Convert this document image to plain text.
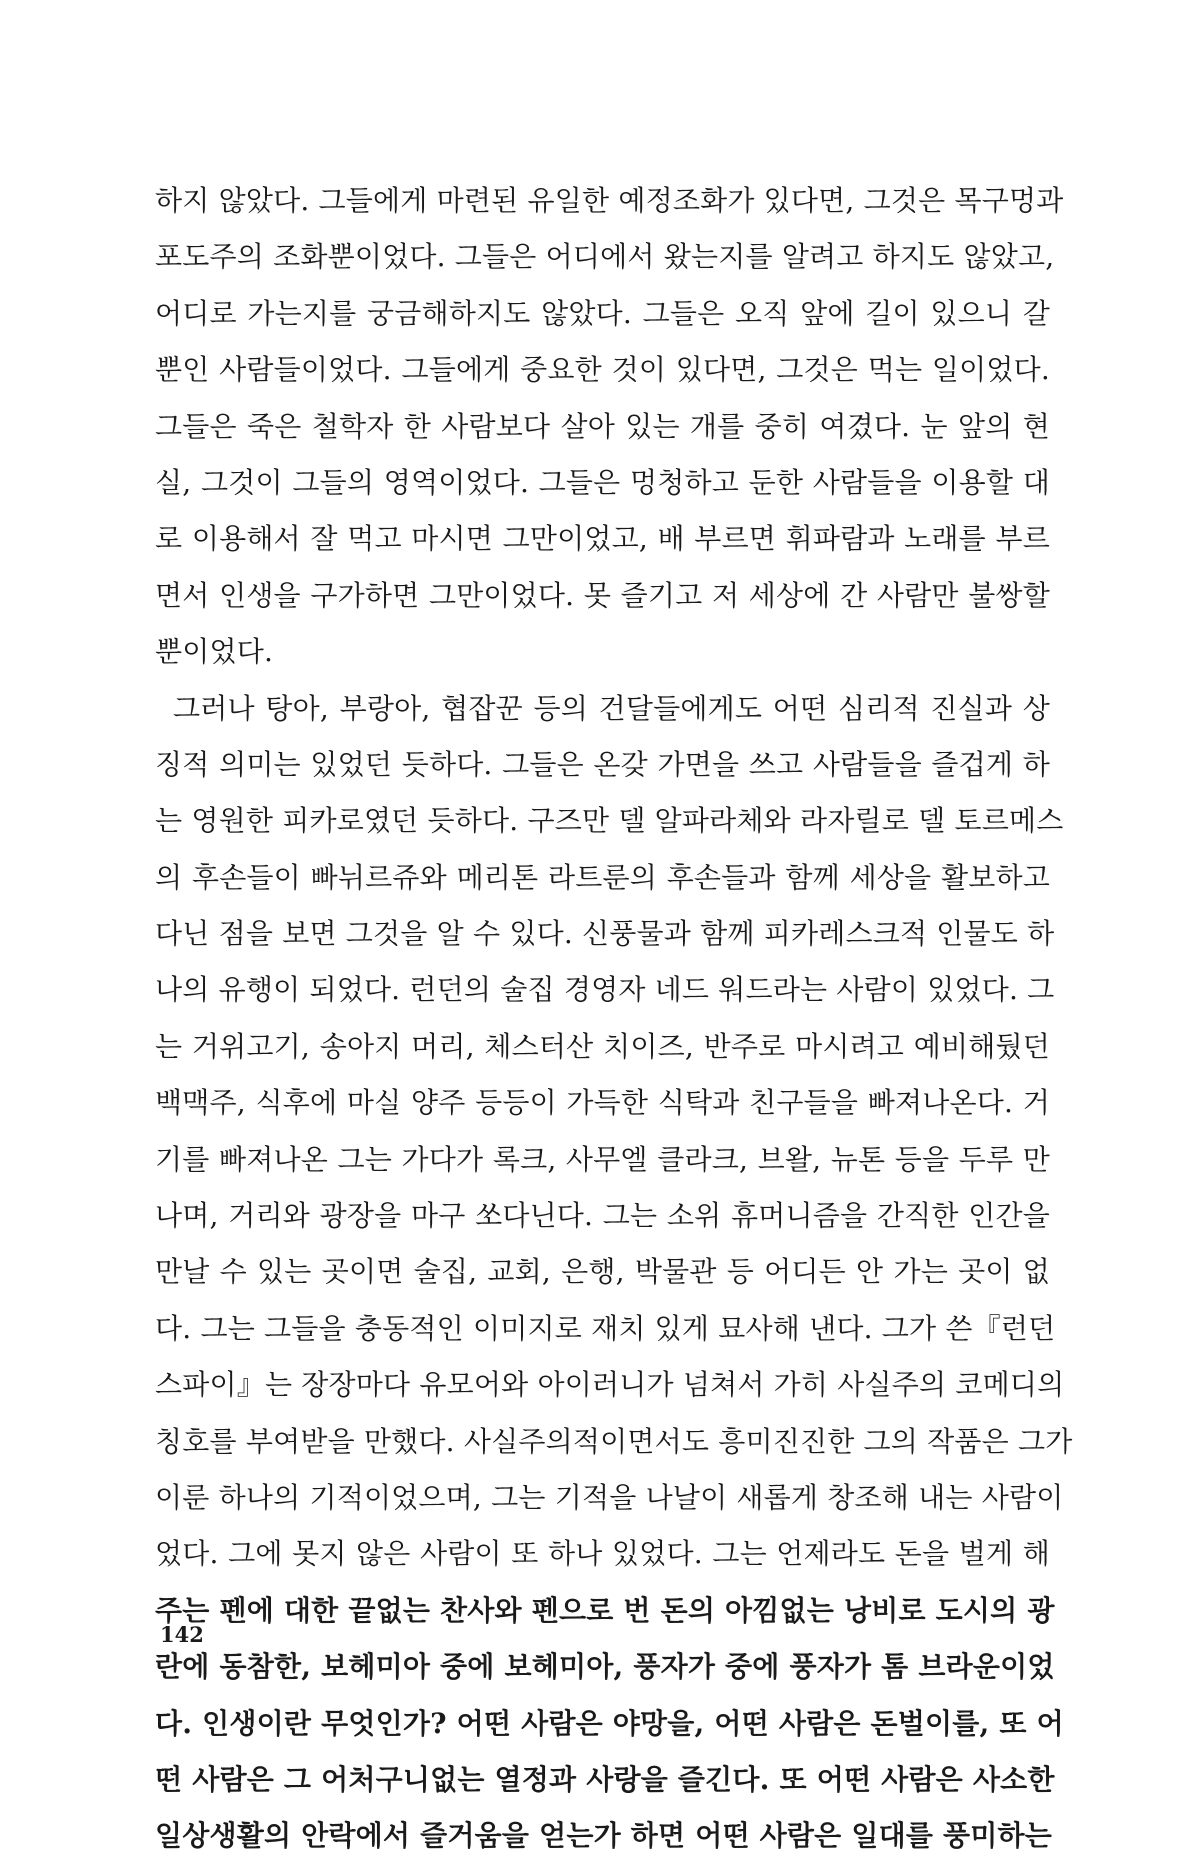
하지 않았다. 그들에게 마련된 유일한 예정조화가 있다면, 그것은 목구멍과
포도주의 조화뿐이었다. 그들은 어디에서 왔는지를 알려고 하지도 않았고,
어디로 가는지를 궁금해하지도 않았다. 그들은 오직 앞에 길이 있으니 갈
뿐인 사람들이었다. 그들에게 중요한 것이 있다면, 그것은 먹는 일이었다.
그들은 죽은 철학자 한 사람보다 살아 있는 개를 중히 여겼다. 눈 앞의 현
실, 그것이 그들의 영역이었다. 그들은 멍청하고 둔한 사람들을 이용할 대
로 이용해서 잘 먹고 마시면 그만이었고, 배 부르면 휘파람과 노래를 부르
면서 인생을 구가하면 그만이었다. 못 즐기고 저 세상에 간 사람만 불쌍할
뿐이었다.
그러나 탕아, 부랑아, 협잡꾼 등의 건달들에게도 어떤 심리적 진실과 상
징적 의미는 있었던 듯하다. 그들은 온갖 가면을 쓰고 사람들을 즐겁게 하
는 영원한 피카로였던 듯하다. 구즈만 델 알파라체와 라자릴로 델 토르메스
의 후손들이 빠뉘르쥬와 메리톤 라트룬의 후손들과 함께 세상을 활보하고
다닌 점을 보면 그것을 알 수 있다. 신풍물과 함께 피카레스크적 인물도 하
나의 유행이 되었다. 런던의 술집 경영자 네드 워드라는 사람이 있었다. 그
는 거위고기, 송아지 머리, 체스터산 치이즈, 반주로 마시려고 예비해뒀던
백맥주, 식후에 마실 양주 등등이 가득한 식탁과 친구들을 빠져나온다. 거
기를 빠져나온 그는 가다가 록크, 사무엘 클라크, 브왈, 뉴톤 등을 두루 만
나며, 거리와 광장을 마구 쏘다닌다. 그는 소위 휴머니즘을 간직한 인간을
만날 수 있는 곳이면 술집, 교회, 은행, 박물관 등 어디든 안 가는 곳이 없
다. 그는 그들을 충동적인 이미지로 재치 있게 묘사해 낸다. 그가 쓴『런던
스파이』는 장장마다 유모어와 아이러니가 넘쳐서 가히 사실주의 코메디의
칭호를 부여받을 만했다. 사실주의적이면서도 흥미진진한 그의 작품은 그가
이룬 하나의 기적이었으며, 그는 기적을 나날이 새롭게 창조해 내는 사람이
었다. 그에 못지 않은 사람이 또 하나 있었다. 그는 언제라도 돈을 벌게 해
주는 펜에 대한 끝없는 찬사와 펜으로 번 돈의 아낌없는 낭비로 도시의 광
란에 동참한, 보헤미아 중에 보헤미아, 풍자가 중에 풍자가 톰 브라운이었
다. 인생이란 무엇인가? 어떤 사람은 야망을, 어떤 사람은 돈벌이를, 또 어
떤 사람은 그 어처구니없는 열정과 사랑을 즐긴다. 또 어떤 사람은 사소한
일상생활의 안락에서 즐거움을 얻는가 하면 어떤 사람은 일대를 풍미하는
142
